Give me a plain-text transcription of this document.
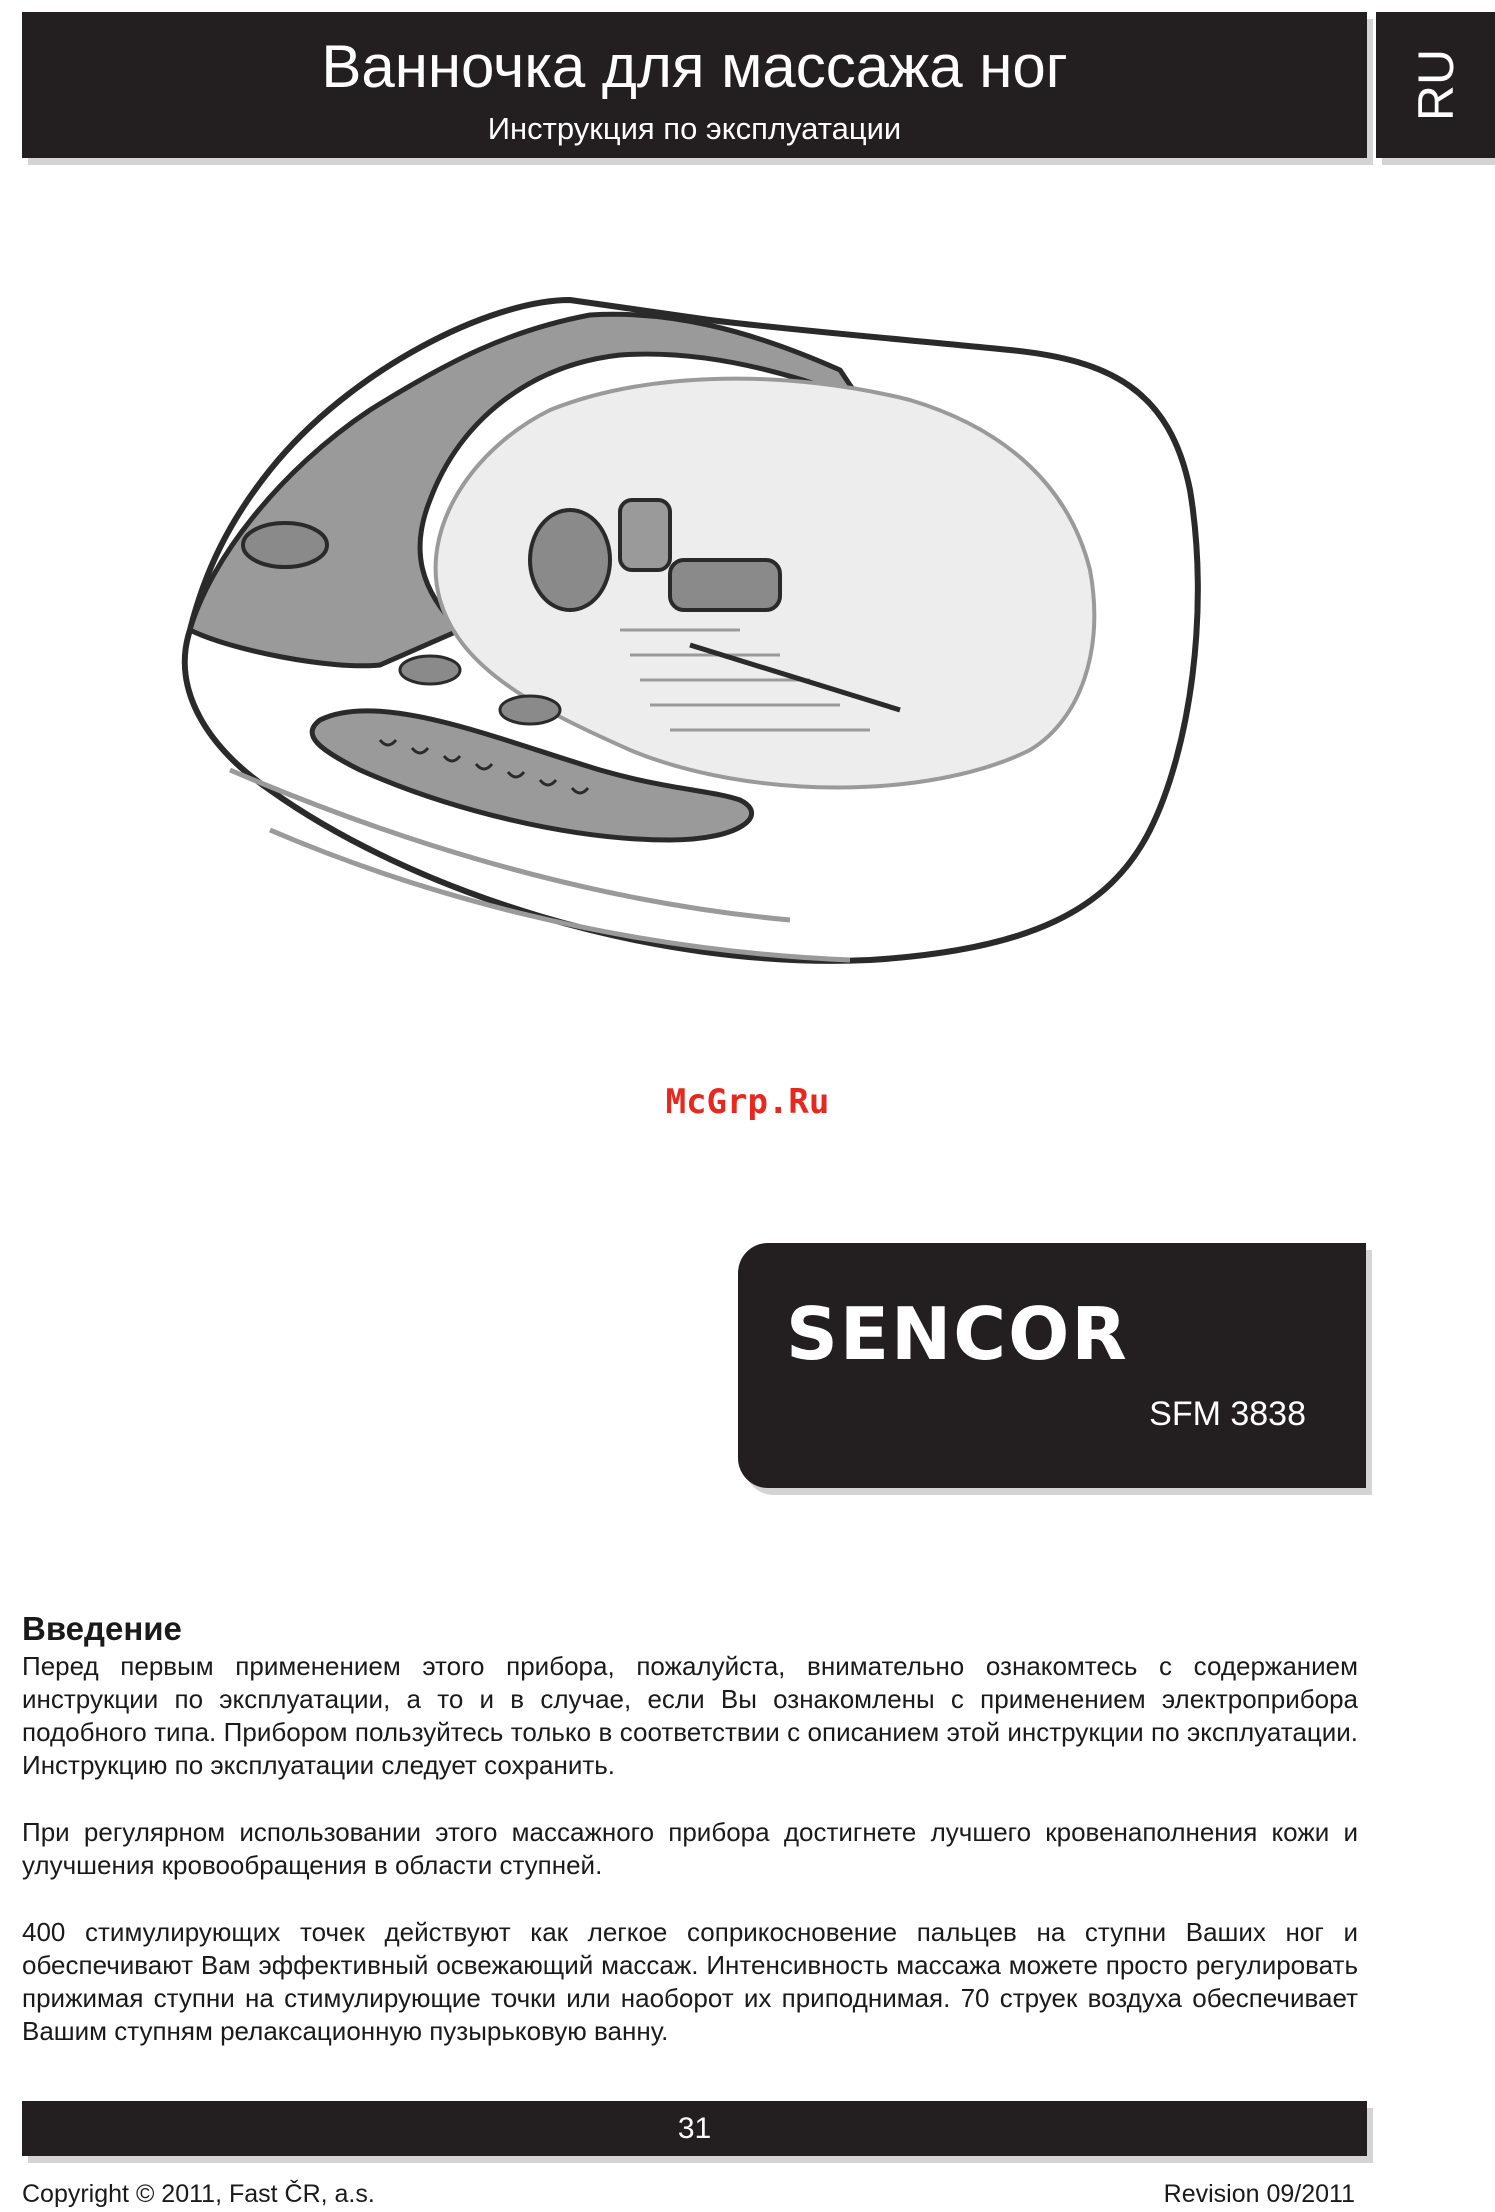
Ванночка для массажа ног
Инструкция по эксплуатации
RU
McGrp.Ru
SENCOR
SFM 3838
Введение

Перед первым применением этого прибора, пожалуйста, внимательно ознакомтесь с содержанием инструкции по эксплуатации, а то и в случае, если Вы ознакомлены с применением электроприбора подобного типа. Прибором пользуйтесь только в соответствии с описанием этой инструкции по эксплуатации. Инструкцию по эксплуатации следует сохранить.

При регулярном использовании этого массажного прибора достигнете лучшего кровенаполнения кожи и улучшения кровообращения в области ступней.

400 стимулирующих точек действуют как легкое соприкосновение пальцев на ступни Ваших ног и обеспечивают Вам эффективный освежающий массаж. Интенсивность массажа можете просто регулировать прижимая ступни на стимулирующие точки или наоборот их приподнимая. 70 струек воздуха обеспечивает Вашим ступням релаксационную пузырьковую ванну.

31
Copyright © 2011, Fast ČR, a.s.	Revision 09/2011
